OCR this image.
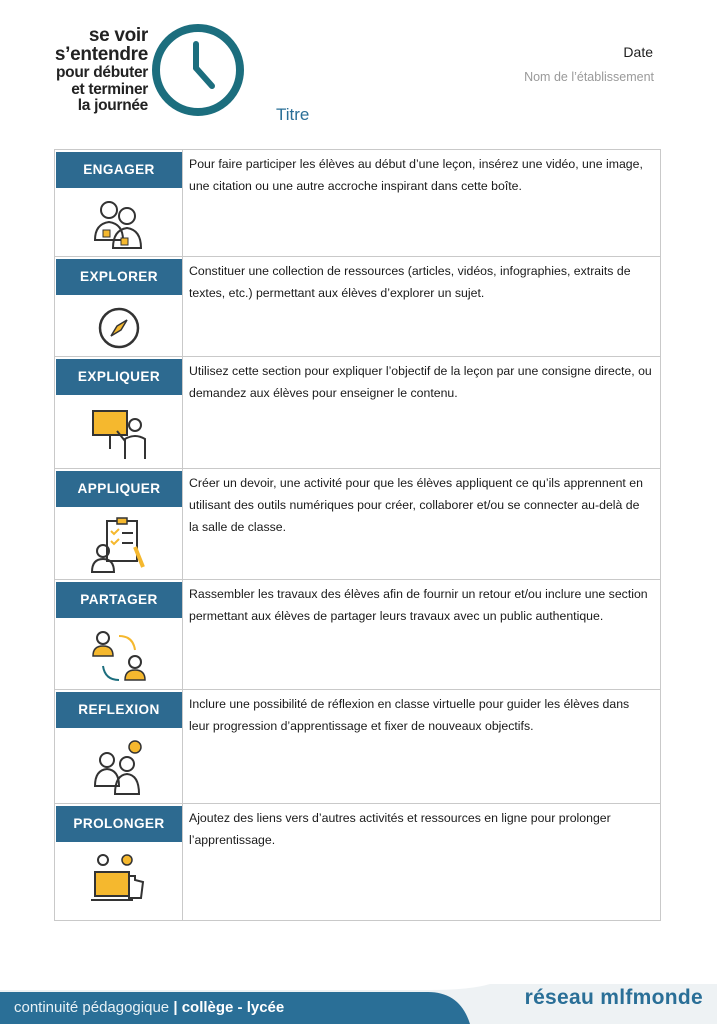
se voir
s’entendre
pour débuter
et terminer
la journée
Date
Nom de l’établissement
Titre
ENGAGER	Pour faire participer les élèves au début d’une leçon, insérez une vidéo, une image, une citation ou une autre accroche inspirant dans cette boîte.

EXPLORER	Constituer une collection de ressources (articles, vidéos, infographies, extraits de textes, etc.) permettant aux élèves d’explorer un sujet.

EXPLIQUER	Utilisez cette section pour expliquer l’objectif de la leçon par une consigne directe, ou demandez aux élèves pour enseigner le contenu.

APPLIQUER	Créer un devoir, une activité pour que les élèves appliquent ce qu’ils apprennent en utilisant des outils numériques pour créer, collaborer et/ou se connecter au-delà de la salle de classe.

PARTAGER	Rassembler les travaux des élèves afin de fournir un retour et/ou inclure une section permettant aux élèves de partager leurs travaux avec un public authentique.

REFLEXION	Inclure une possibilité de réflexion en classe virtuelle pour guider les élèves dans leur progression d’apprentissage et fixer de nouveaux objectifs.

PROLONGER	Ajoutez des liens vers d’autres activités et ressources en ligne pour prolonger l’apprentissage.
continuité pédagogique | collège - lycée	réseau mlfmonde
